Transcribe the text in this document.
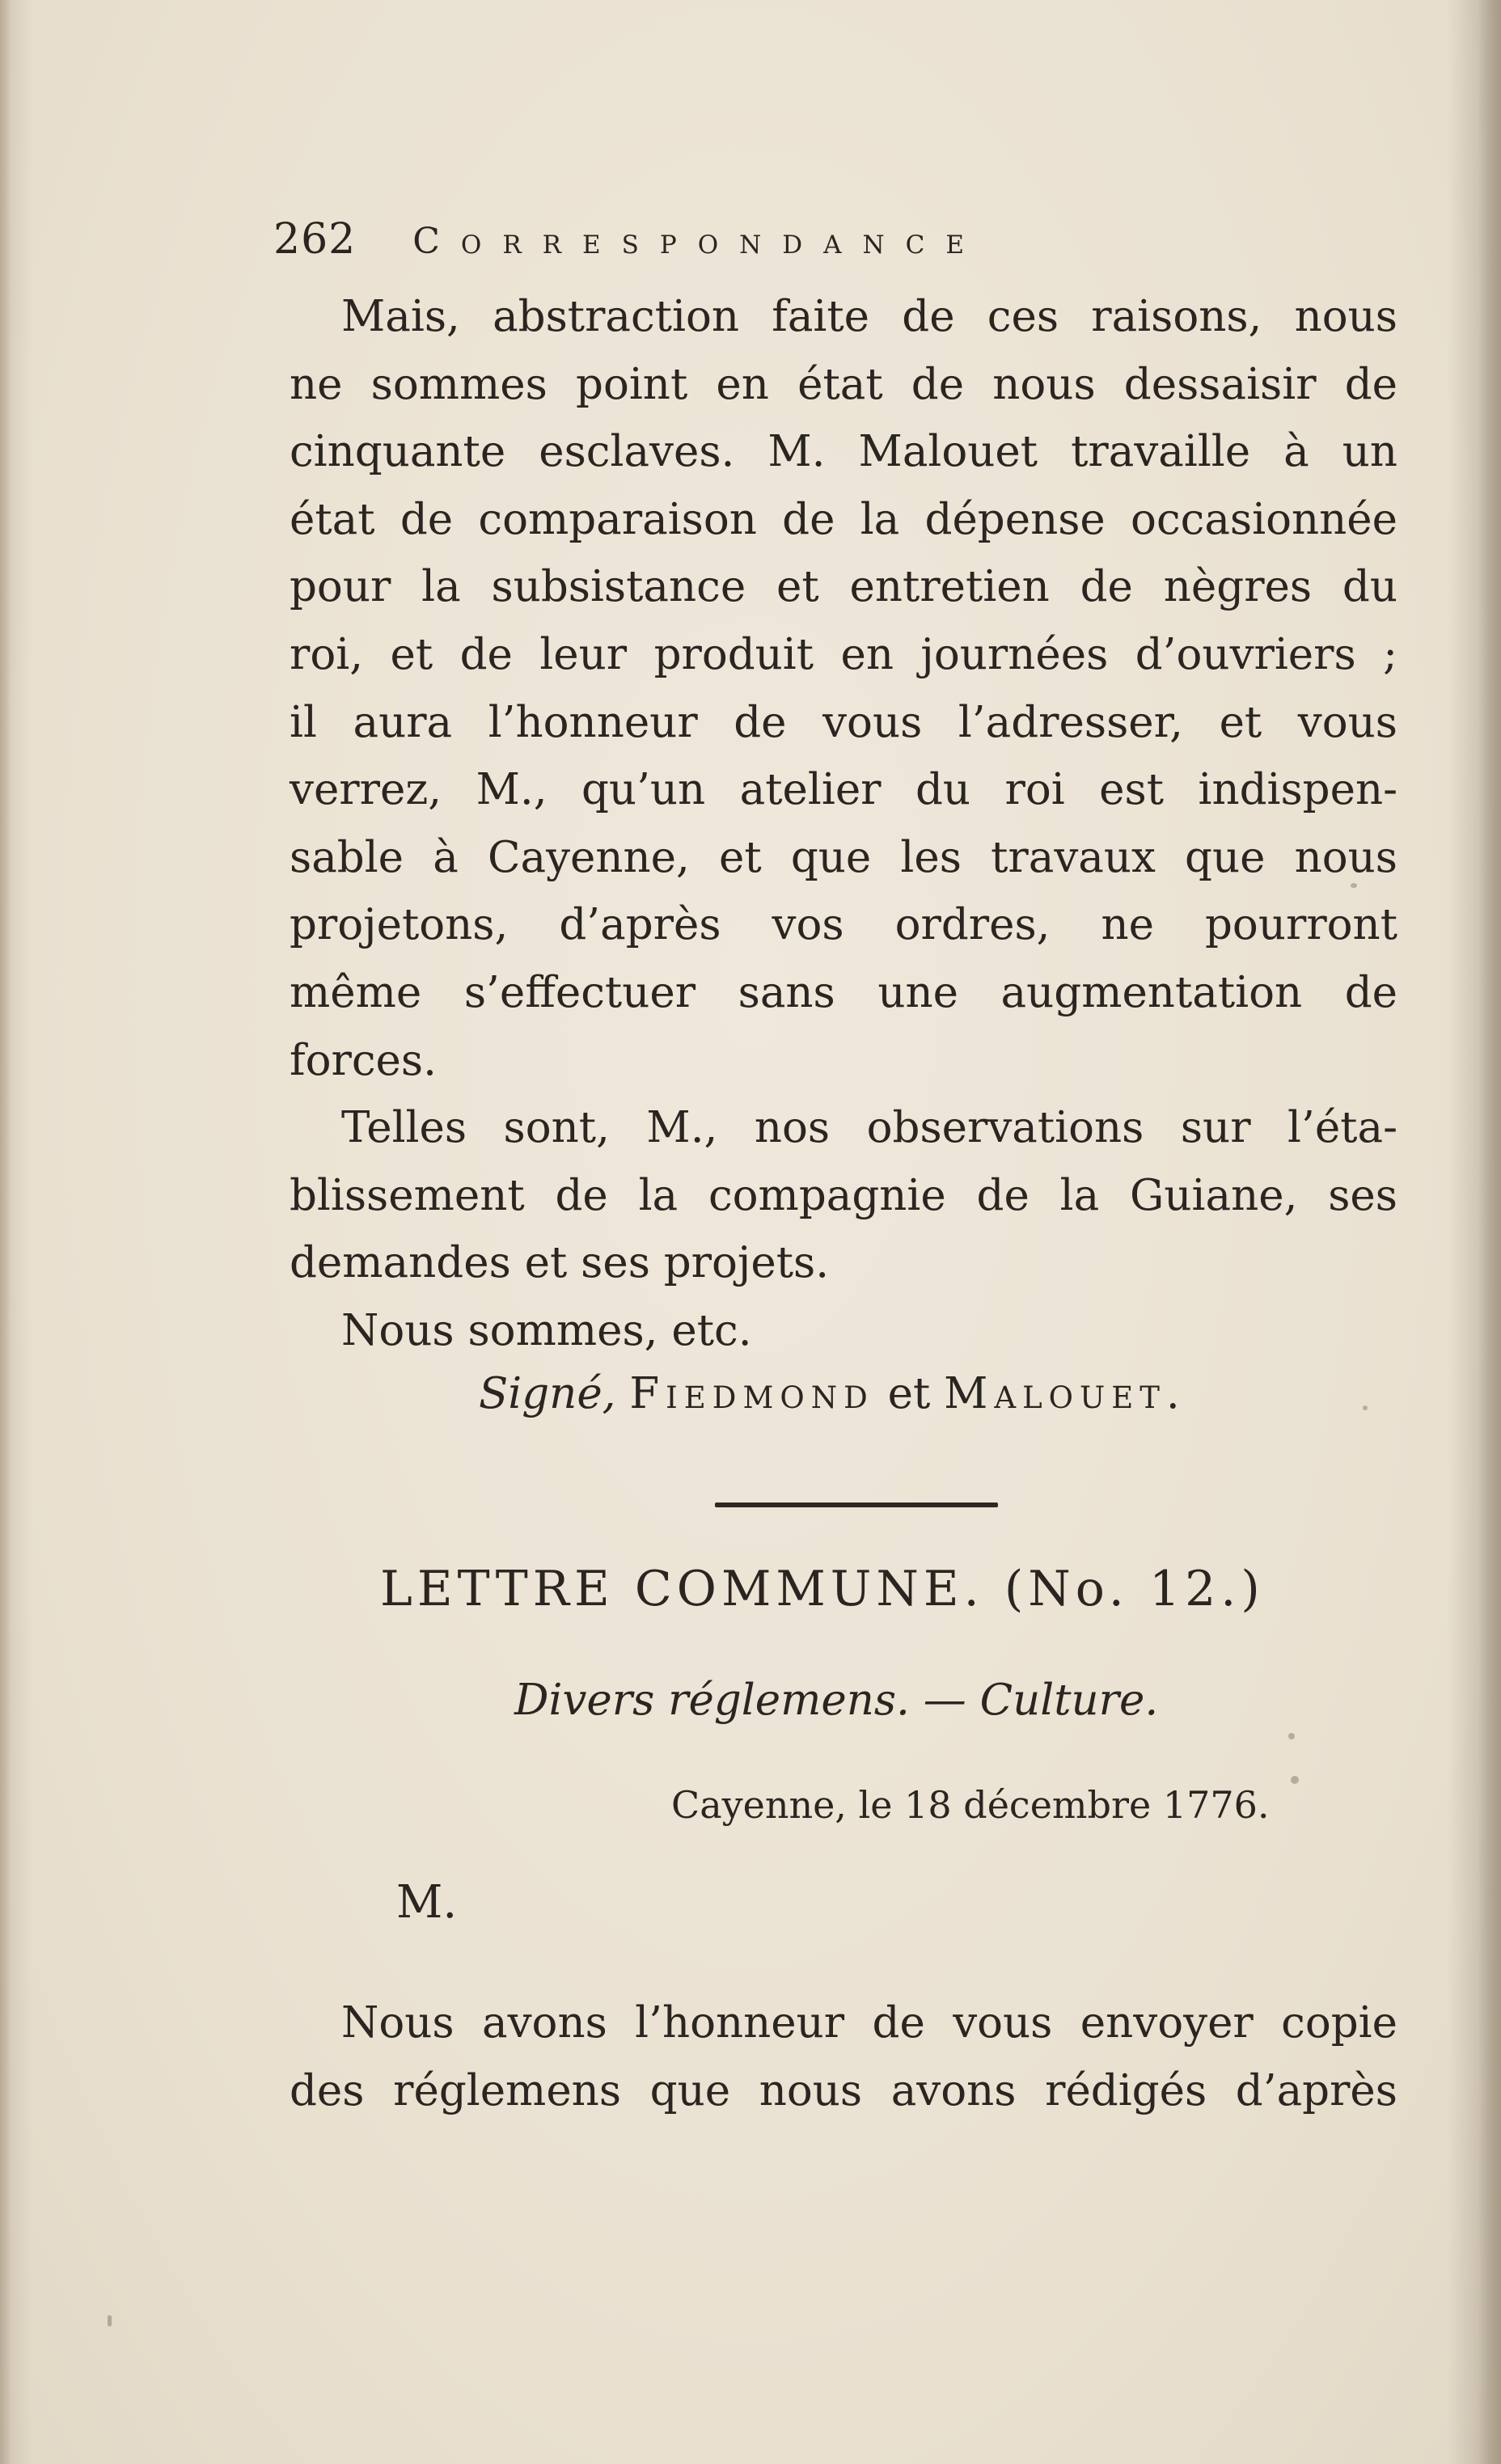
262 Correspondance
Mais, abstraction faite de ces raisons, nous
ne sommes point en état de nous dessaisir de
cinquante esclaves. M. Malouet travaille à un
état de comparaison de la dépense occasionnée
pour la subsistance et entretien de nègres du
roi, et de leur produit en journées d’ouvriers ;
il aura l’honneur de vous l’adresser, et vous
verrez, M., qu’un atelier du roi est indispen-
sable à Cayenne, et que les travaux que nous
projetons, d’après vos ordres, ne pourront
même s’effectuer sans une augmentation de
forces.
Telles sont, M., nos observations sur l’éta-
blissement de la compagnie de la Guiane, ses
demandes et ses projets.
Nous sommes, etc.
Signé, Fiedmond et Malouet.
LETTRE COMMUNE. (No. 12.)
Divers réglemens. — Culture.
Cayenne, le 18 décembre 1776.
M.
Nous avons l’honneur de vous envoyer copie
des réglemens que nous avons rédigés d’après
